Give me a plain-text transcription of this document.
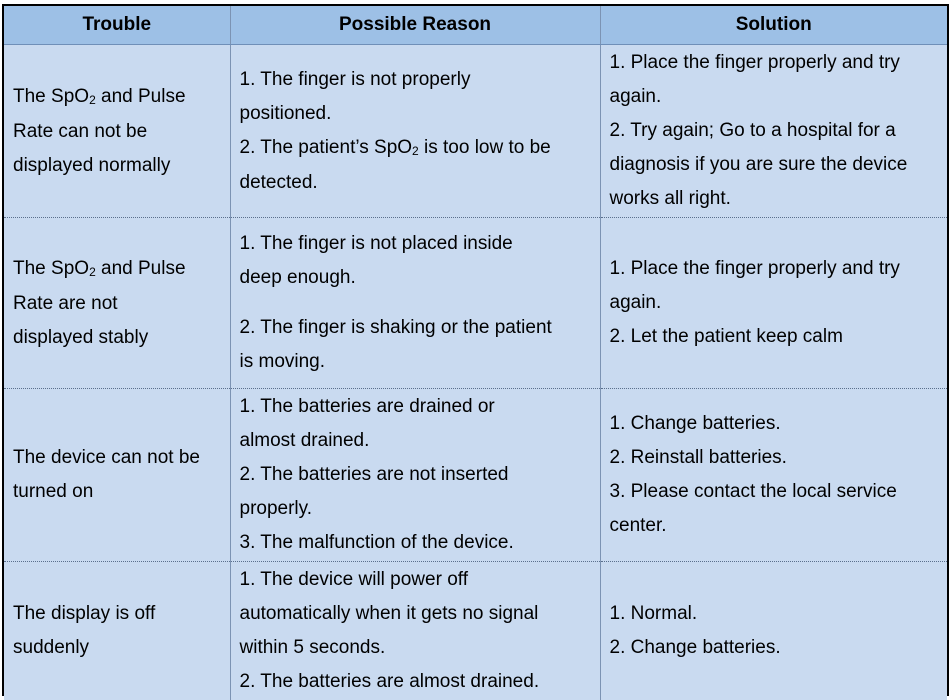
Trouble	Possible Reason	Solution

The SpO$_2$ and Pulse
Rate can not be
displayed normally	1. The finger is not properly
positioned.
2. The patient’s SpO$_2$ is too low to be
detected.	1. Place the finger properly and try
again.
2. Try again; Go to a hospital for a
diagnosis if you are sure the device
works all right.

The SpO$_2$ and Pulse
Rate are not
displayed stably	1. The finger is not placed inside
deep enough.
2. The finger is shaking or the patient
is moving.	1. Place the finger properly and try
again.
2. Let the patient keep calm

The device can not be
turned on	1. The batteries are drained or
almost drained.
2. The batteries are not inserted
properly.
3. The malfunction of the device.	1. Change batteries.
2. Reinstall batteries.
3. Please contact the local service
center.

The display is off
suddenly	1. The device will power off
automatically when it gets no signal
within 5 seconds.
2. The batteries are almost drained.	1. Normal.
2. Change batteries.
